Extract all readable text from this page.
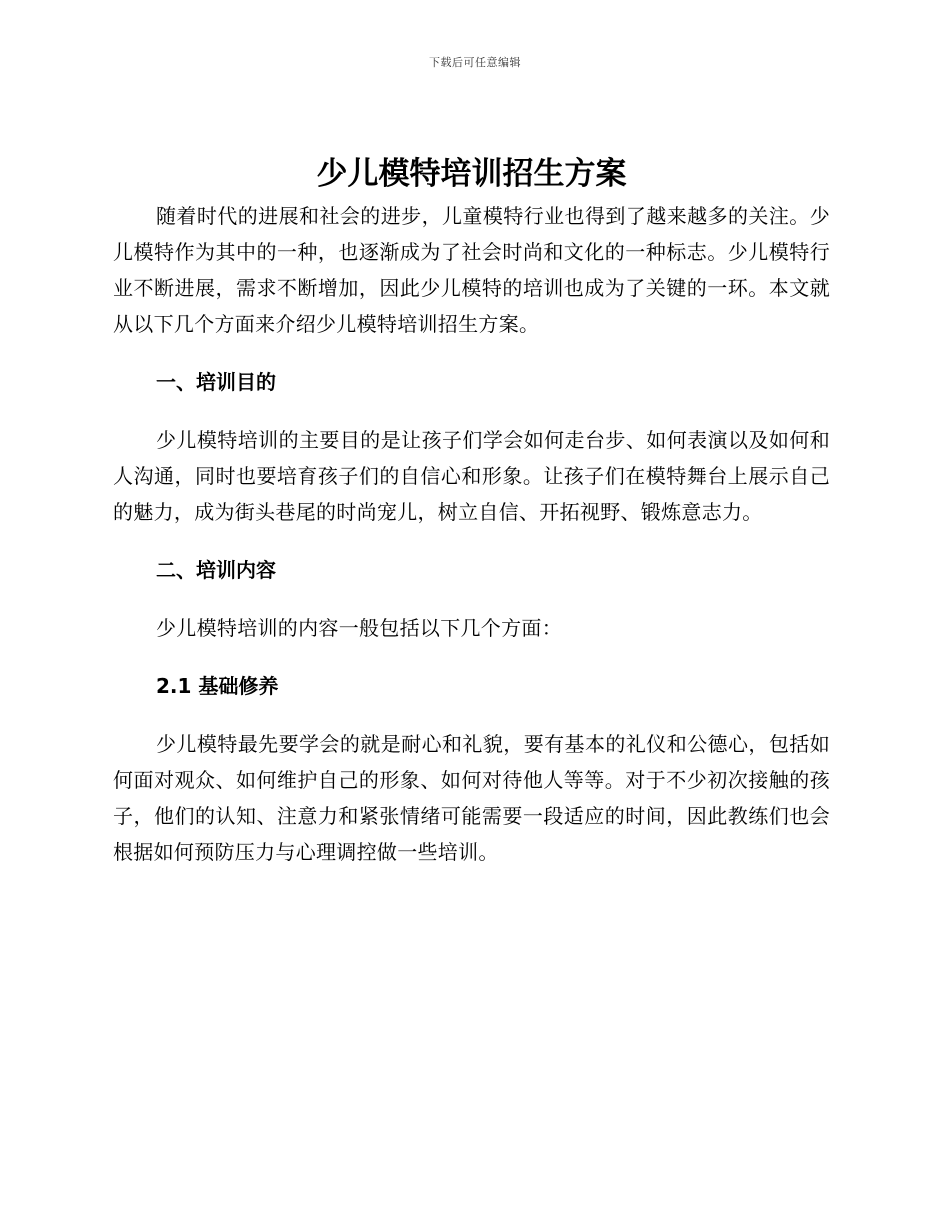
下载后可任意编辑
少儿模特培训招生方案

随着时代的进展和社会的进步，儿童模特行业也得到了越来越多的关注。少儿模特作为其中的一种，也逐渐成为了社会时尚和文化的一种标志。少儿模特行业不断进展，需求不断增加，因此少儿模特的培训也成为了关键的一环。本文就从以下几个方面来介绍少儿模特培训招生方案。

一、培训目的

少儿模特培训的主要目的是让孩子们学会如何走台步、如何表演以及如何和人沟通，同时也要培育孩子们的自信心和形象。让孩子们在模特舞台上展示自己的魅力，成为街头巷尾的时尚宠儿，树立自信、开拓视野、锻炼意志力。

二、培训内容

少儿模特培训的内容一般包括以下几个方面：

2.1 基础修养

少儿模特最先要学会的就是耐心和礼貌，要有基本的礼仪和公德心，包括如何面对观众、如何维护自己的形象、如何对待他人等等。对于不少初次接触的孩子，他们的认知、注意力和紧张情绪可能需要一段适应的时间，因此教练们也会根据如何预防压力与心理调控做一些培训。
